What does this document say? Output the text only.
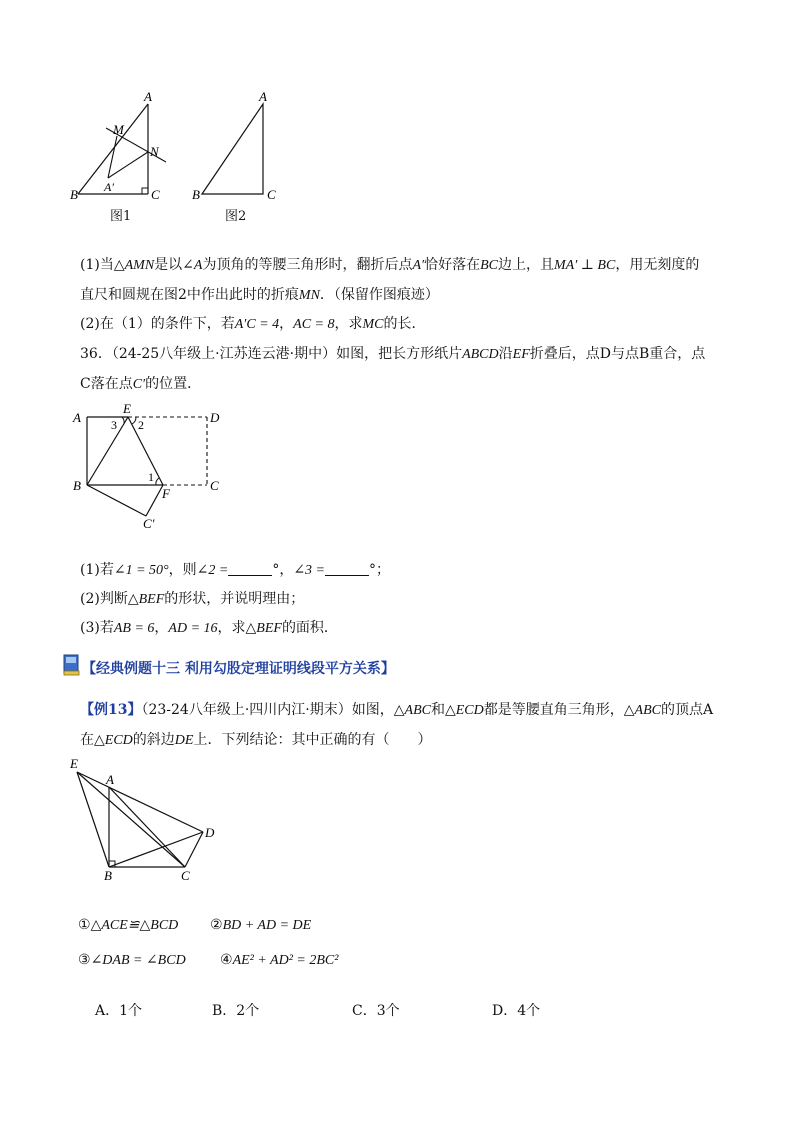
A
M
N
A′
B	C
图1
A
B	C
图2
(1)当△AMN是以∠A为顶角的等腰三角形时，翻折后点A′恰好落在BC边上，且MA′ ⊥ BC，用无刻度的
直尺和圆规在图2中作出此时的折痕MN．（保留作图痕迹）
(2)在（1）的条件下，若A′C = 4，AC = 8，求MC的长．
36．（24-25八年级上·江苏连云港·期中）如图，把长方形纸片ABCD沿EF折叠后，点D与点B重合，点
C落在点C′的位置．
A
E
D
B
F
C
C′
1
2
3
(1)若∠1 = 50°，则∠2 =	°，∠3 =	°；
(2)判断△BEF的形状，并说明理由；
(3)若AB = 6，AD = 16，求△BEF的面积．
【经典例题十三 利用勾股定理证明线段平方关系】
【例13】（23-24八年级上·四川内江·期末）如图，△ABC和△ECD都是等腰直角三角形，△ABC的顶点A
在△ECD的斜边DE上．下列结论：其中正确的有（　　）
E
A
D
B	C
①△ACE≌△BCD ②BD + AD = DE
③∠DAB = ∠BCD ④AE² + AD² = 2BC²
A．1个	B．2个	C．3个	D．4个
